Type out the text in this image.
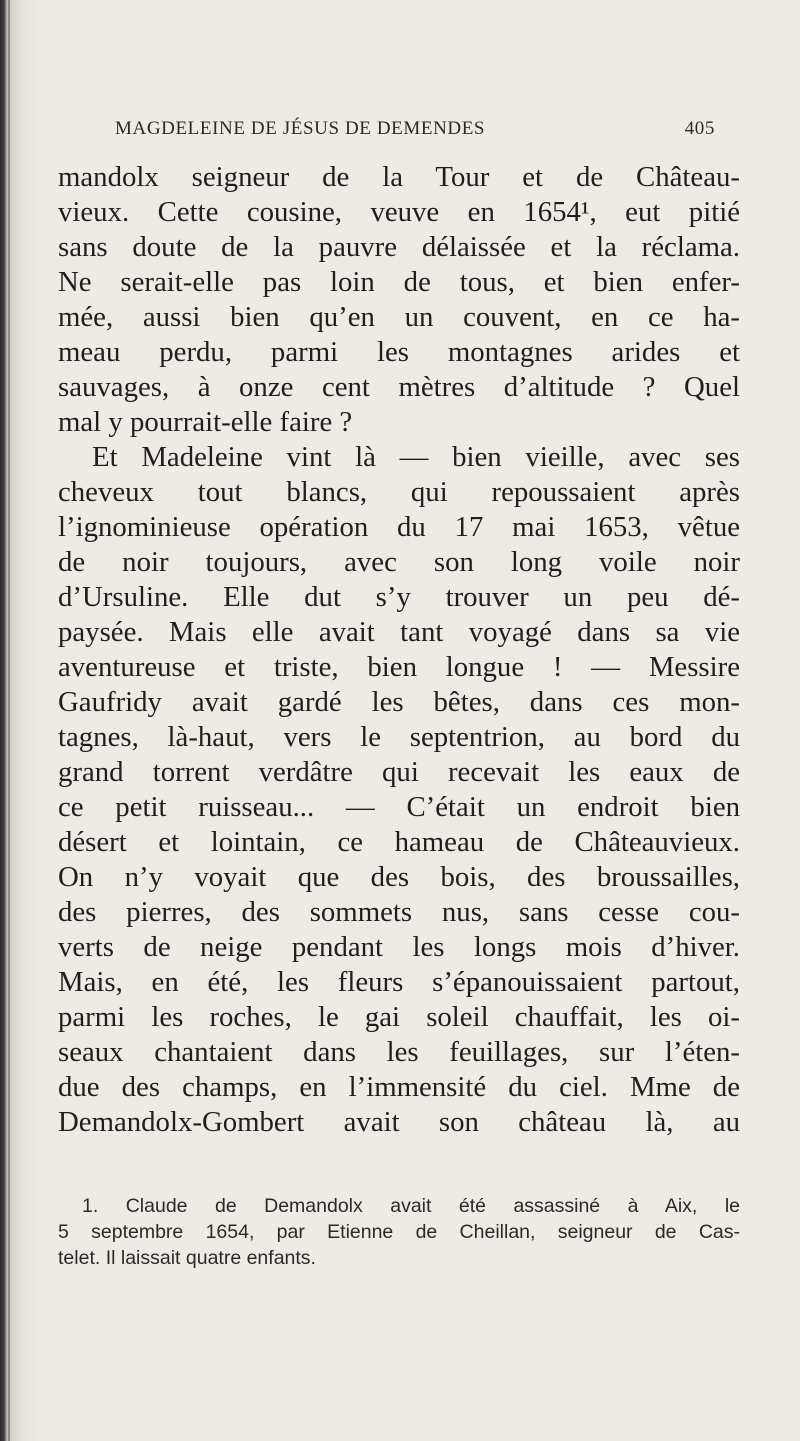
MAGDELEINE DE JÉSUS DE DEMENDES	405
mandolx seigneur de la Tour et de Château-
vieux. Cette cousine, veuve en 1654¹, eut pitié
sans doute de la pauvre délaissée et la réclama.
Ne serait-elle pas loin de tous, et bien enfer-
mée, aussi bien qu’en un couvent, en ce ha-
meau perdu, parmi les montagnes arides et
sauvages, à onze cent mètres d’altitude ? Quel
mal y pourrait-elle faire ?
Et Madeleine vint là — bien vieille, avec ses
cheveux tout blancs, qui repoussaient après
l’ignominieuse opération du 17 mai 1653, vêtue
de noir toujours, avec son long voile noir
d’Ursuline. Elle dut s’y trouver un peu dé-
paysée. Mais elle avait tant voyagé dans sa vie
aventureuse et triste, bien longue ! — Messire
Gaufridy avait gardé les bêtes, dans ces mon-
tagnes, là-haut, vers le septentrion, au bord du
grand torrent verdâtre qui recevait les eaux de
ce petit ruisseau... — C’était un endroit bien
désert et lointain, ce hameau de Châteauvieux.
On n’y voyait que des bois, des broussailles,
des pierres, des sommets nus, sans cesse cou-
verts de neige pendant les longs mois d’hiver.
Mais, en été, les fleurs s’épanouissaient partout,
parmi les roches, le gai soleil chauffait, les oi-
seaux chantaient dans les feuillages, sur l’éten-
due des champs, en l’immensité du ciel. Mme de
Demandolx-Gombert avait son château là, au
1. Claude de Demandolx avait été assassiné à Aix, le
5 septembre 1654, par Etienne de Cheillan, seigneur de Cas-
telet. Il laissait quatre enfants.
